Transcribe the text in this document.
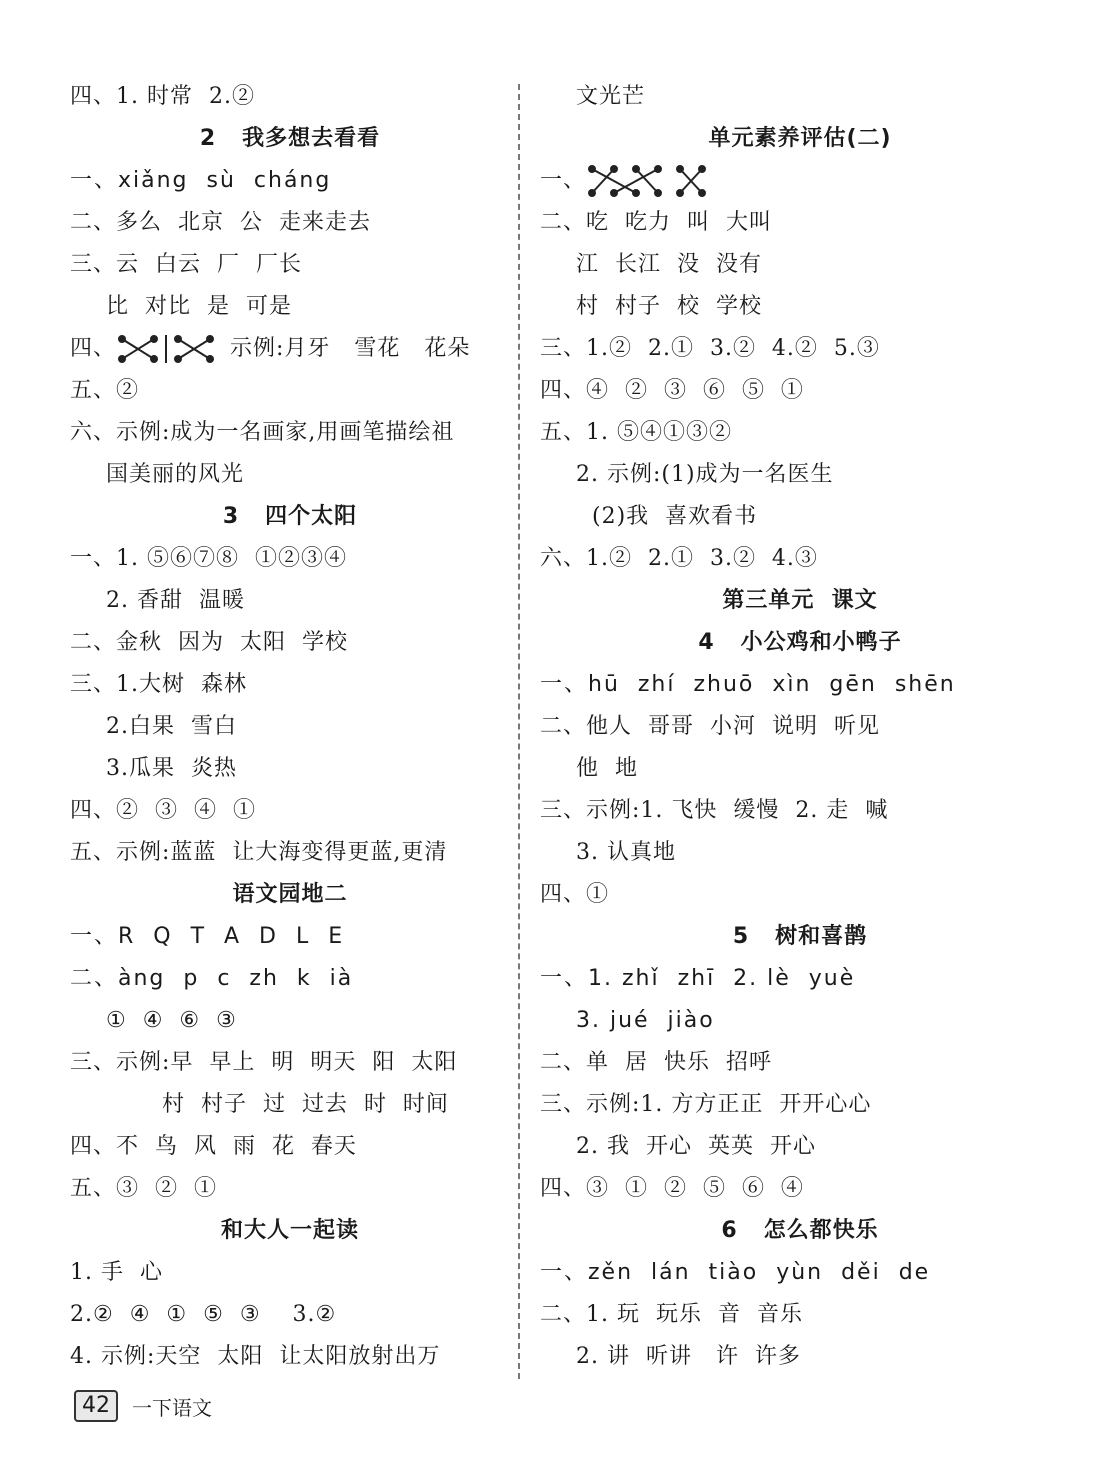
四、1. 时常  2.②
2   我多想去看看
一、xiǎng  sù  cháng
二、多么  北京  公  走来走去
三、云  白云  厂  厂长
比  对比  是  可是
四、	示例:月牙   雪花   花朵
五、②
六、示例:成为一名画家,用画笔描绘祖
国美丽的风光
3   四个太阳
一、1. ⑤⑥⑦⑧  ①②③④
2. 香甜  温暖
二、金秋  因为  太阳  学校
三、1.大树  森林
2.白果  雪白
3.瓜果  炎热
四、②  ③  ④  ①
五、示例:蓝蓝  让大海变得更蓝,更清
语文园地二
一、R  Q  T  A  D  L  E
二、àng  p  c  zh  k  ià
①  ④  ⑥  ③
三、示例:早  早上  明  明天  阳  太阳
村  村子  过  过去  时  时间
四、不  鸟  风  雨  花  春天
五、③  ②  ①
和大人一起读
1. 手  心
2.②  ④  ①  ⑤  ③    3.②
4. 示例:天空  太阳  让太阳放射出万
文光芒
单元素养评估(二)
一、
二、吃  吃力  叫  大叫
江  长江  没  没有
村  村子  校  学校
三、1.②  2.①  3.②  4.②  5.③
四、④  ②  ③  ⑥  ⑤  ①
五、1. ⑤④①③②
2. 示例:(1)成为一名医生
(2)我  喜欢看书
六、1.②  2.①  3.②  4.③
第三单元  课文
4   小公鸡和小鸭子
一、hū  zhí  zhuō  xìn  gēn  shēn
二、他人  哥哥  小河  说明  听见
他  地
三、示例:1. 飞快  缓慢  2. 走  喊
3. 认真地
四、①
5   树和喜鹊
一、1. zhǐ  zhī  2. lè  yuè
3. jué  jiào
二、单  居  快乐  招呼
三、示例:1. 方方正正  开开心心
2. 我  开心  英英  开心
四、③  ①  ②  ⑤  ⑥  ④
6   怎么都快乐
一、zěn  lán  tiào  yùn  děi  de
二、1. 玩  玩乐  音  音乐
2. 讲  听讲   许  许多
42	一下语文
